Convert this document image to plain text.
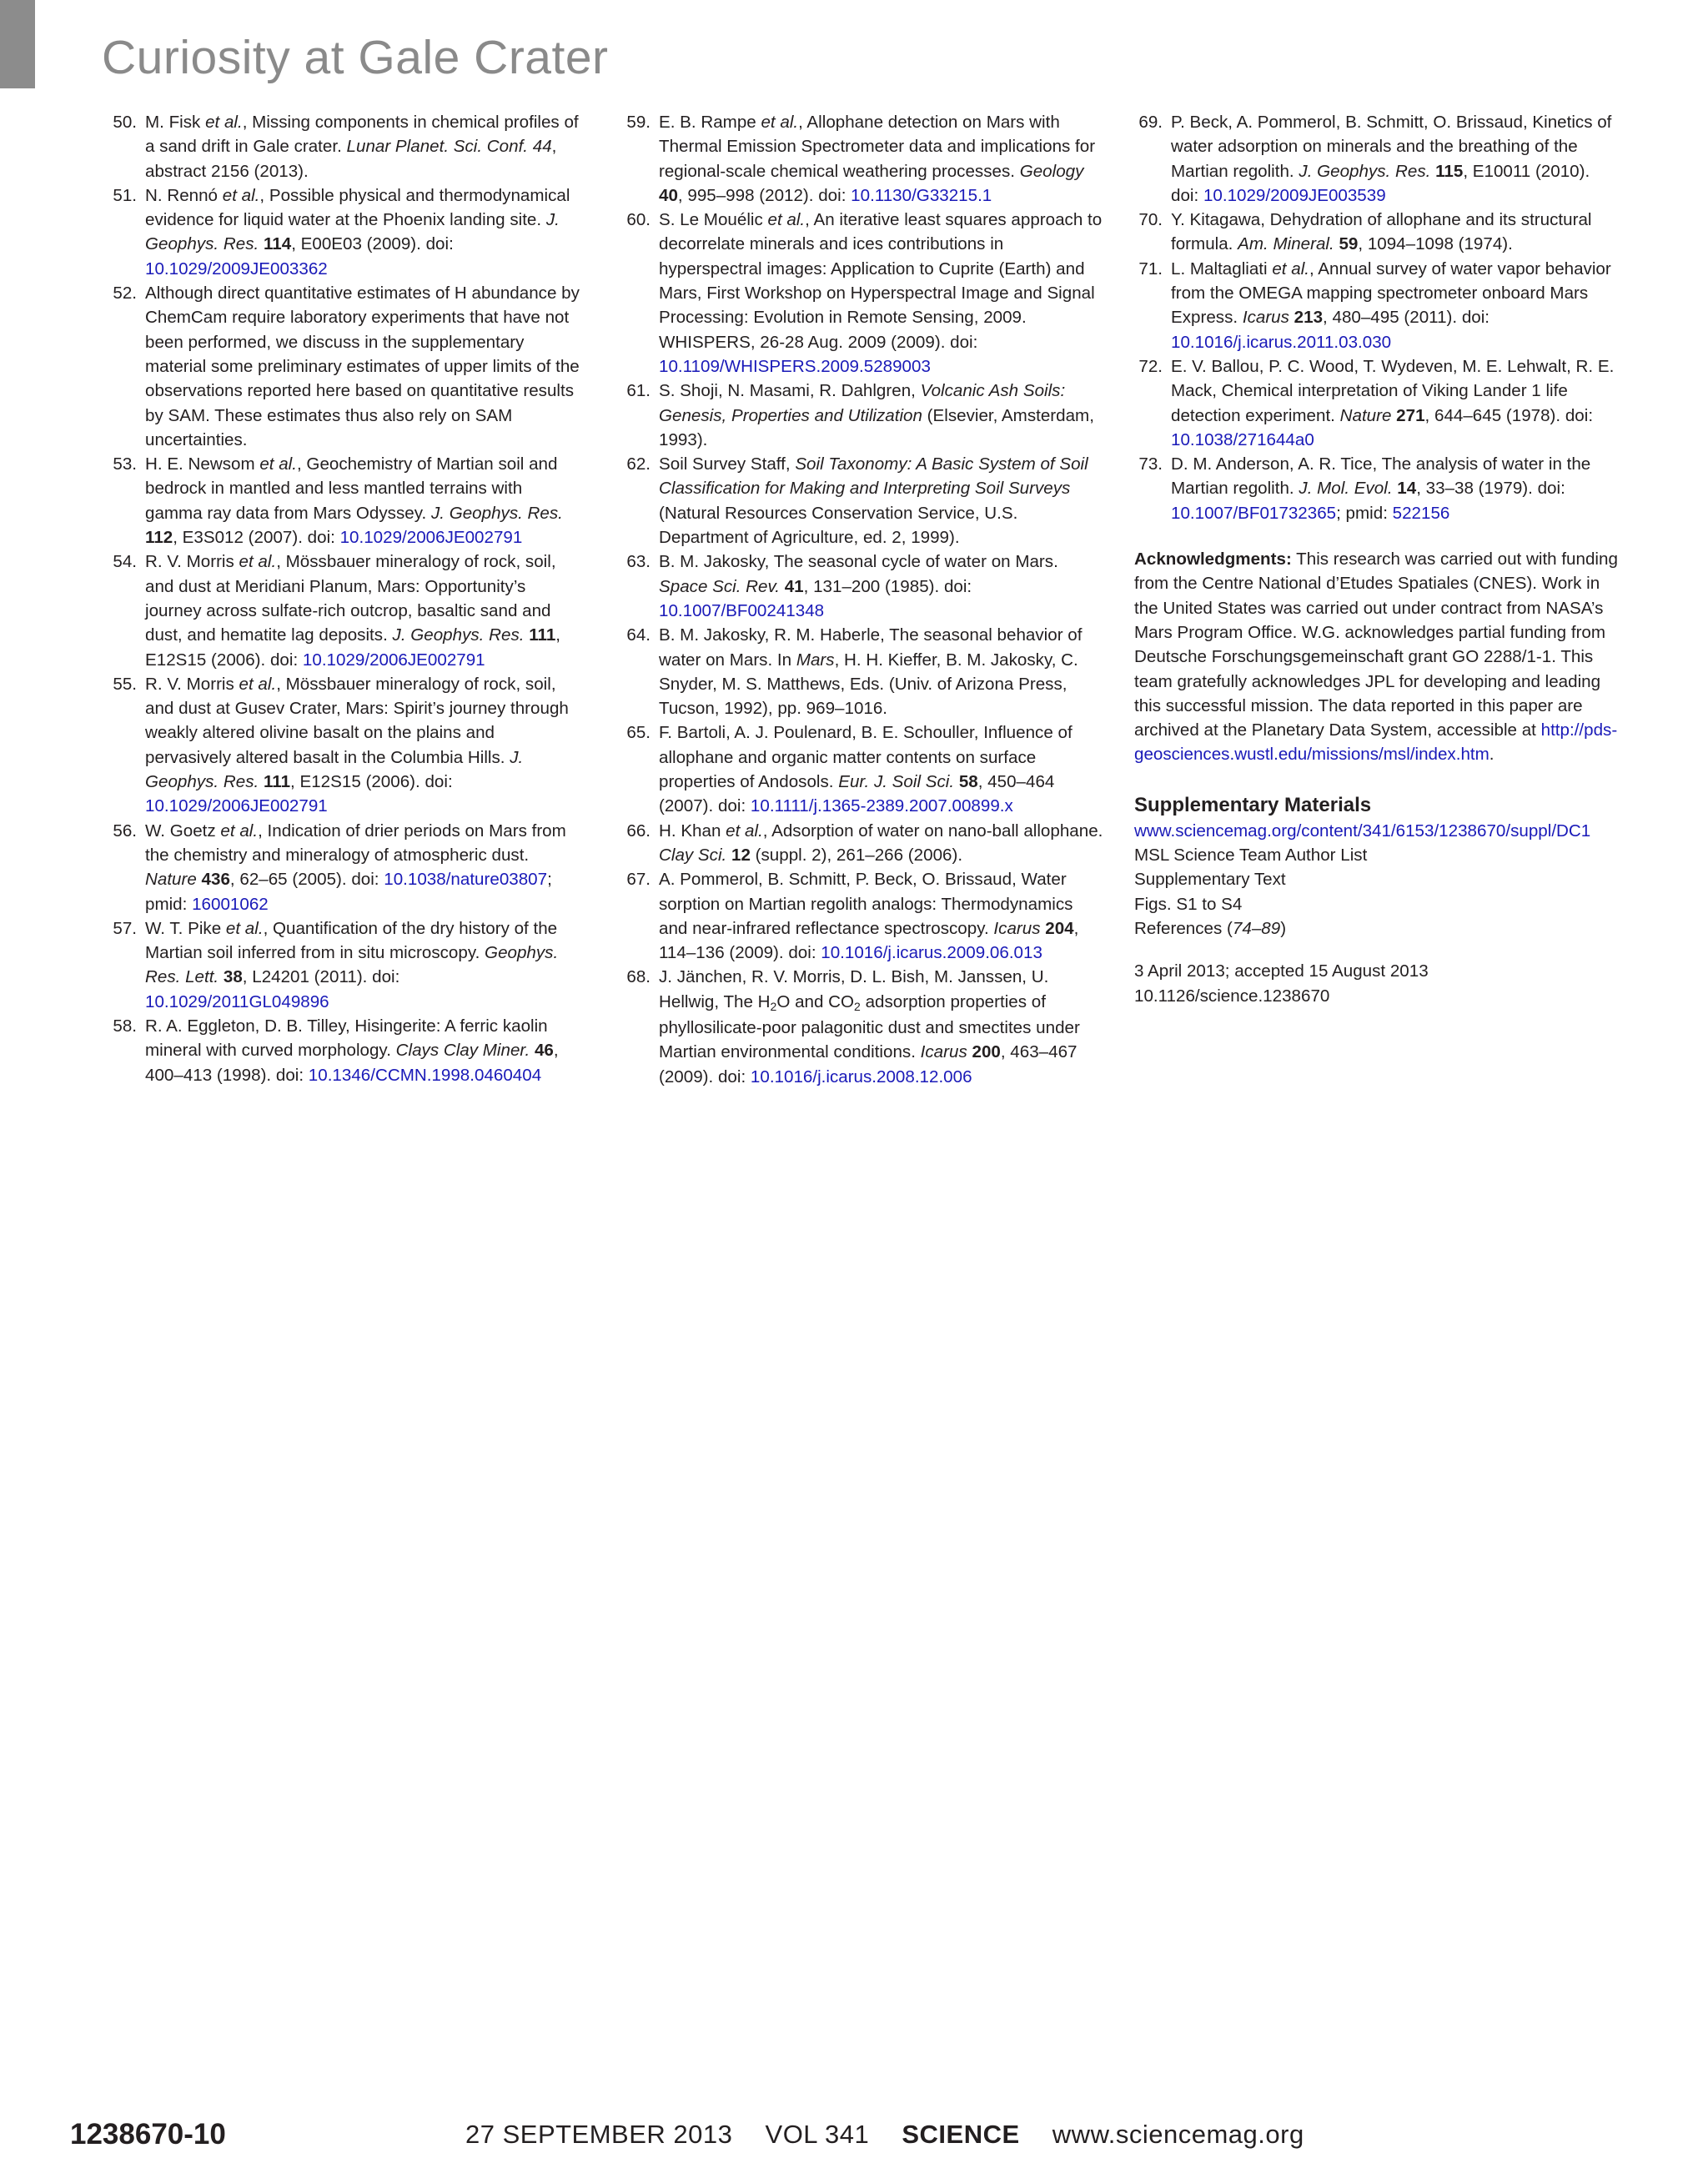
Curiosity at Gale Crater
50. M. Fisk et al., Missing components in chemical profiles of a sand drift in Gale crater. Lunar Planet. Sci. Conf. 44, abstract 2156 (2013).
51. N. Rennó et al., Possible physical and thermodynamical evidence for liquid water at the Phoenix landing site. J. Geophys. Res. 114, E00E03 (2009). doi: 10.1029/2009JE003362
52. Although direct quantitative estimates of H abundance by ChemCam require laboratory experiments that have not been performed, we discuss in the supplementary material some preliminary estimates of upper limits of the observations reported here based on quantitative results by SAM. These estimates thus also rely on SAM uncertainties.
53. H. E. Newsom et al., Geochemistry of Martian soil and bedrock in mantled and less mantled terrains with gamma ray data from Mars Odyssey. J. Geophys. Res. 112, E3S012 (2007). doi: 10.1029/2006JE002791
54. R. V. Morris et al., Mössbauer mineralogy of rock, soil, and dust at Meridiani Planum, Mars: Opportunity’s journey across sulfate-rich outcrop, basaltic sand and dust, and hematite lag deposits. J. Geophys. Res. 111, E12S15 (2006). doi: 10.1029/2006JE002791
55. R. V. Morris et al., Mössbauer mineralogy of rock, soil, and dust at Gusev Crater, Mars: Spirit’s journey through weakly altered olivine basalt on the plains and pervasively altered basalt in the Columbia Hills. J. Geophys. Res. 111, E12S15 (2006). doi: 10.1029/2006JE002791
56. W. Goetz et al., Indication of drier periods on Mars from the chemistry and mineralogy of atmospheric dust. Nature 436, 62–65 (2005). doi: 10.1038/nature03807; pmid: 16001062
57. W. T. Pike et al., Quantification of the dry history of the Martian soil inferred from in situ microscopy. Geophys. Res. Lett. 38, L24201 (2011). doi: 10.1029/2011GL049896
58. R. A. Eggleton, D. B. Tilley, Hisingerite: A ferric kaolin mineral with curved morphology. Clays Clay Miner. 46, 400–413 (1998). doi: 10.1346/CCMN.1998.0460404
59. E. B. Rampe et al., Allophane detection on Mars with Thermal Emission Spectrometer data and implications for regional-scale chemical weathering processes. Geology 40, 995–998 (2012). doi: 10.1130/G33215.1
60. S. Le Mouélic et al., An iterative least squares approach to decorrelate minerals and ices contributions in hyperspectral images: Application to Cuprite (Earth) and Mars, First Workshop on Hyperspectral Image and Signal Processing: Evolution in Remote Sensing, 2009. WHISPERS, 26-28 Aug. 2009 (2009). doi: 10.1109/WHISPERS.2009.5289003
61. S. Shoji, N. Masami, R. Dahlgren, Volcanic Ash Soils: Genesis, Properties and Utilization (Elsevier, Amsterdam, 1993).
62. Soil Survey Staff, Soil Taxonomy: A Basic System of Soil Classification for Making and Interpreting Soil Surveys (Natural Resources Conservation Service, U.S. Department of Agriculture, ed. 2, 1999).
63. B. M. Jakosky, The seasonal cycle of water on Mars. Space Sci. Rev. 41, 131–200 (1985). doi: 10.1007/BF00241348
64. B. M. Jakosky, R. M. Haberle, The seasonal behavior of water on Mars. In Mars, H. H. Kieffer, B. M. Jakosky, C. Snyder, M. S. Matthews, Eds. (Univ. of Arizona Press, Tucson, 1992), pp. 969–1016.
65. F. Bartoli, A. J. Poulenard, B. E. Schouller, Influence of allophane and organic matter contents on surface properties of Andosols. Eur. J. Soil Sci. 58, 450–464 (2007). doi: 10.1111/j.1365-2389.2007.00899.x
66. H. Khan et al., Adsorption of water on nano-ball allophane. Clay Sci. 12 (suppl. 2), 261–266 (2006).
67. A. Pommerol, B. Schmitt, P. Beck, O. Brissaud, Water sorption on Martian regolith analogs: Thermodynamics and near-infrared reflectance spectroscopy. Icarus 204, 114–136 (2009). doi: 10.1016/j.icarus.2009.06.013
68. J. Jänchen, R. V. Morris, D. L. Bish, M. Janssen, U. Hellwig, The H2O and CO2 adsorption properties of phyllosilicate-poor palagonitic dust and smectites under Martian environmental conditions. Icarus 200, 463–467 (2009). doi: 10.1016/j.icarus.2008.12.006
69. P. Beck, A. Pommerol, B. Schmitt, O. Brissaud, Kinetics of water adsorption on minerals and the breathing of the Martian regolith. J. Geophys. Res. 115, E10011 (2010). doi: 10.1029/2009JE003539
70. Y. Kitagawa, Dehydration of allophane and its structural formula. Am. Mineral. 59, 1094–1098 (1974).
71. L. Maltagliati et al., Annual survey of water vapor behavior from the OMEGA mapping spectrometer onboard Mars Express. Icarus 213, 480–495 (2011). doi: 10.1016/j.icarus.2011.03.030
72. E. V. Ballou, P. C. Wood, T. Wydeven, M. E. Lehwalt, R. E. Mack, Chemical interpretation of Viking Lander 1 life detection experiment. Nature 271, 644–645 (1978). doi: 10.1038/271644a0
73. D. M. Anderson, A. R. Tice, The analysis of water in the Martian regolith. J. Mol. Evol. 14, 33–38 (1979). doi: 10.1007/BF01732365; pmid: 522156
Acknowledgments: This research was carried out with funding from the Centre National d’Etudes Spatiales (CNES). Work in the United States was carried out under contract from NASA’s Mars Program Office. W.G. acknowledges partial funding from Deutsche Forschungsgemeinschaft grant GO 2288/1-1. This team gratefully acknowledges JPL for developing and leading this successful mission. The data reported in this paper are archived at the Planetary Data System, accessible at http://pds-geosciences.wustl.edu/missions/msl/index.htm.
Supplementary Materials
www.sciencemag.org/content/341/6153/1238670/suppl/DC1
MSL Science Team Author List
Supplementary Text
Figs. S1 to S4
References (74–89)
3 April 2013; accepted 15 August 2013
10.1126/science.1238670
1238670-10	27 SEPTEMBER 2013 VOL 341 SCIENCE www.sciencemag.org
